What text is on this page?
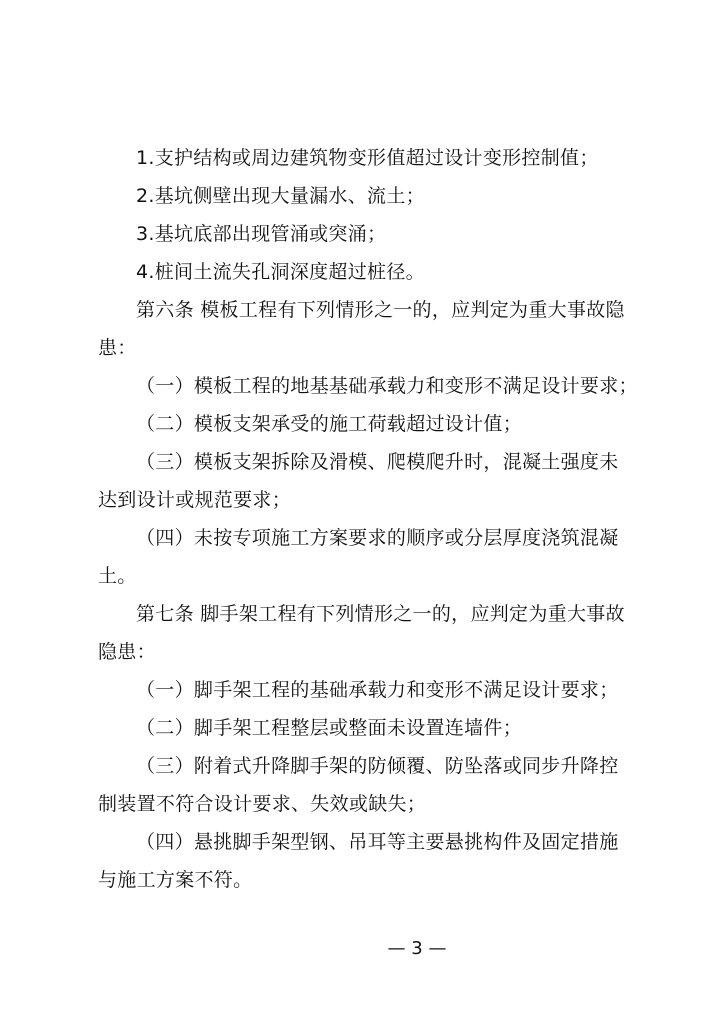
1.支护结构或周边建筑物变形值超过设计变形控制值；
2.基坑侧壁出现大量漏水、流土；
3.基坑底部出现管涌或突涌；
4.桩间土流失孔洞深度超过桩径。
第六条 模板工程有下列情形之一的，应判定为重大事故隐
患：
（一）模板工程的地基基础承载力和变形不满足设计要求；
（二）模板支架承受的施工荷载超过设计值；
（三）模板支架拆除及滑模、爬模爬升时，混凝土强度未
达到设计或规范要求；
（四）未按专项施工方案要求的顺序或分层厚度浇筑混凝
土。
第七条 脚手架工程有下列情形之一的，应判定为重大事故
隐患：
（一）脚手架工程的基础承载力和变形不满足设计要求；
（二）脚手架工程整层或整面未设置连墙件；
（三）附着式升降脚手架的防倾覆、防坠落或同步升降控
制装置不符合设计要求、失效或缺失；
（四）悬挑脚手架型钢、吊耳等主要悬挑构件及固定措施
与施工方案不符。
— 3 —
